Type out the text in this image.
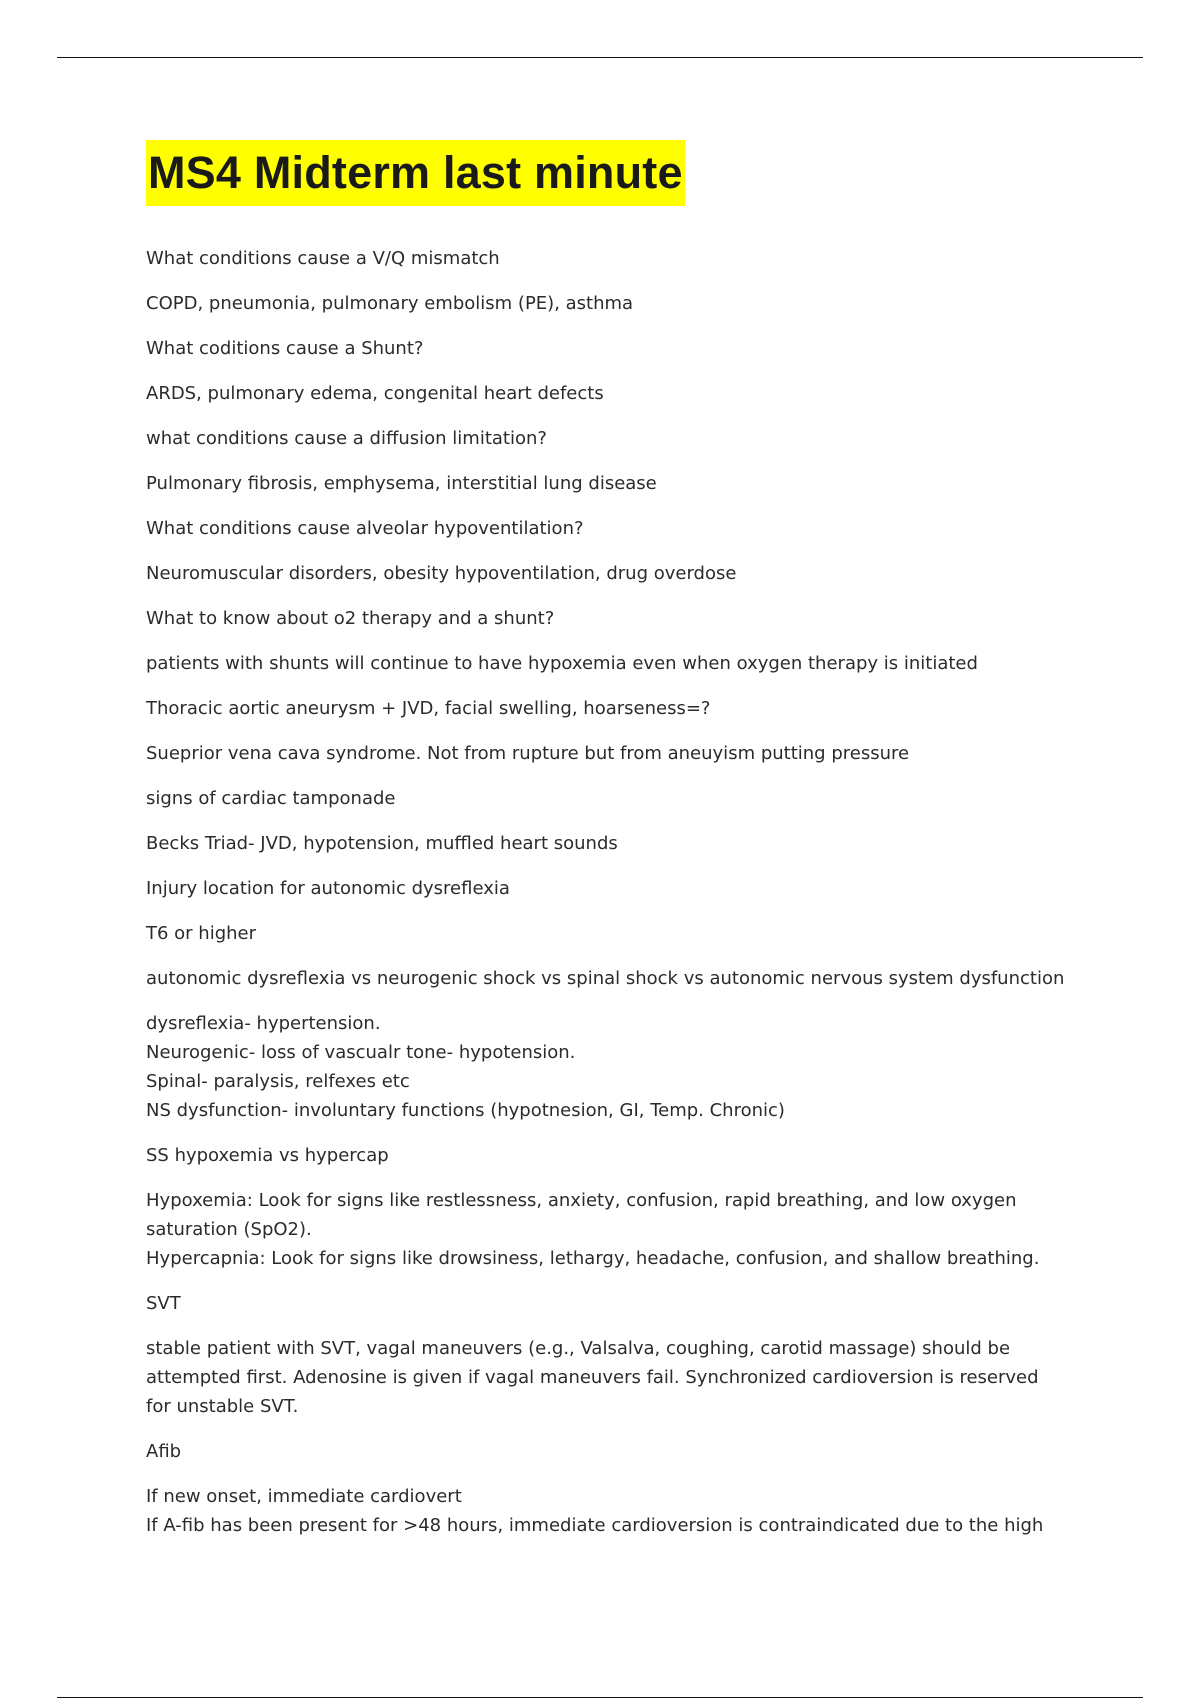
MS4 Midterm last minute
What conditions cause a V/Q mismatch
COPD, pneumonia, pulmonary embolism (PE), asthma
What coditions cause a Shunt?
ARDS, pulmonary edema, congenital heart defects
what conditions cause a diffusion limitation?
Pulmonary fibrosis, emphysema, interstitial lung disease
What conditions cause alveolar hypoventilation?
Neuromuscular disorders, obesity hypoventilation, drug overdose
What to know about o2 therapy and a shunt?
patients with shunts will continue to have hypoxemia even when oxygen therapy is initiated
Thoracic aortic aneurysm + JVD, facial swelling, hoarseness=?
Sueprior vena cava syndrome. Not from rupture but from aneuyism putting pressure
signs of cardiac tamponade
Becks Triad- JVD, hypotension, muffled heart sounds
Injury location for autonomic dysreflexia
T6 or higher
autonomic dysreflexia vs neurogenic shock vs spinal shock vs autonomic nervous system dysfunction
dysreflexia- hypertension.
Neurogenic- loss of vascualr tone- hypotension.
Spinal- paralysis, relfexes etc
NS dysfunction- involuntary functions (hypotnesion, GI, Temp. Chronic)
SS hypoxemia vs hypercap
Hypoxemia: Look for signs like restlessness, anxiety, confusion, rapid breathing, and low oxygen
saturation (SpO2).
Hypercapnia: Look for signs like drowsiness, lethargy, headache, confusion, and shallow breathing.
SVT
stable patient with SVT, vagal maneuvers (e.g., Valsalva, coughing, carotid massage) should be
attempted first. Adenosine is given if vagal maneuvers fail. Synchronized cardioversion is reserved
for unstable SVT.
Afib
If new onset, immediate cardiovert
If A-fib has been present for >48 hours, immediate cardioversion is contraindicated due to the high
